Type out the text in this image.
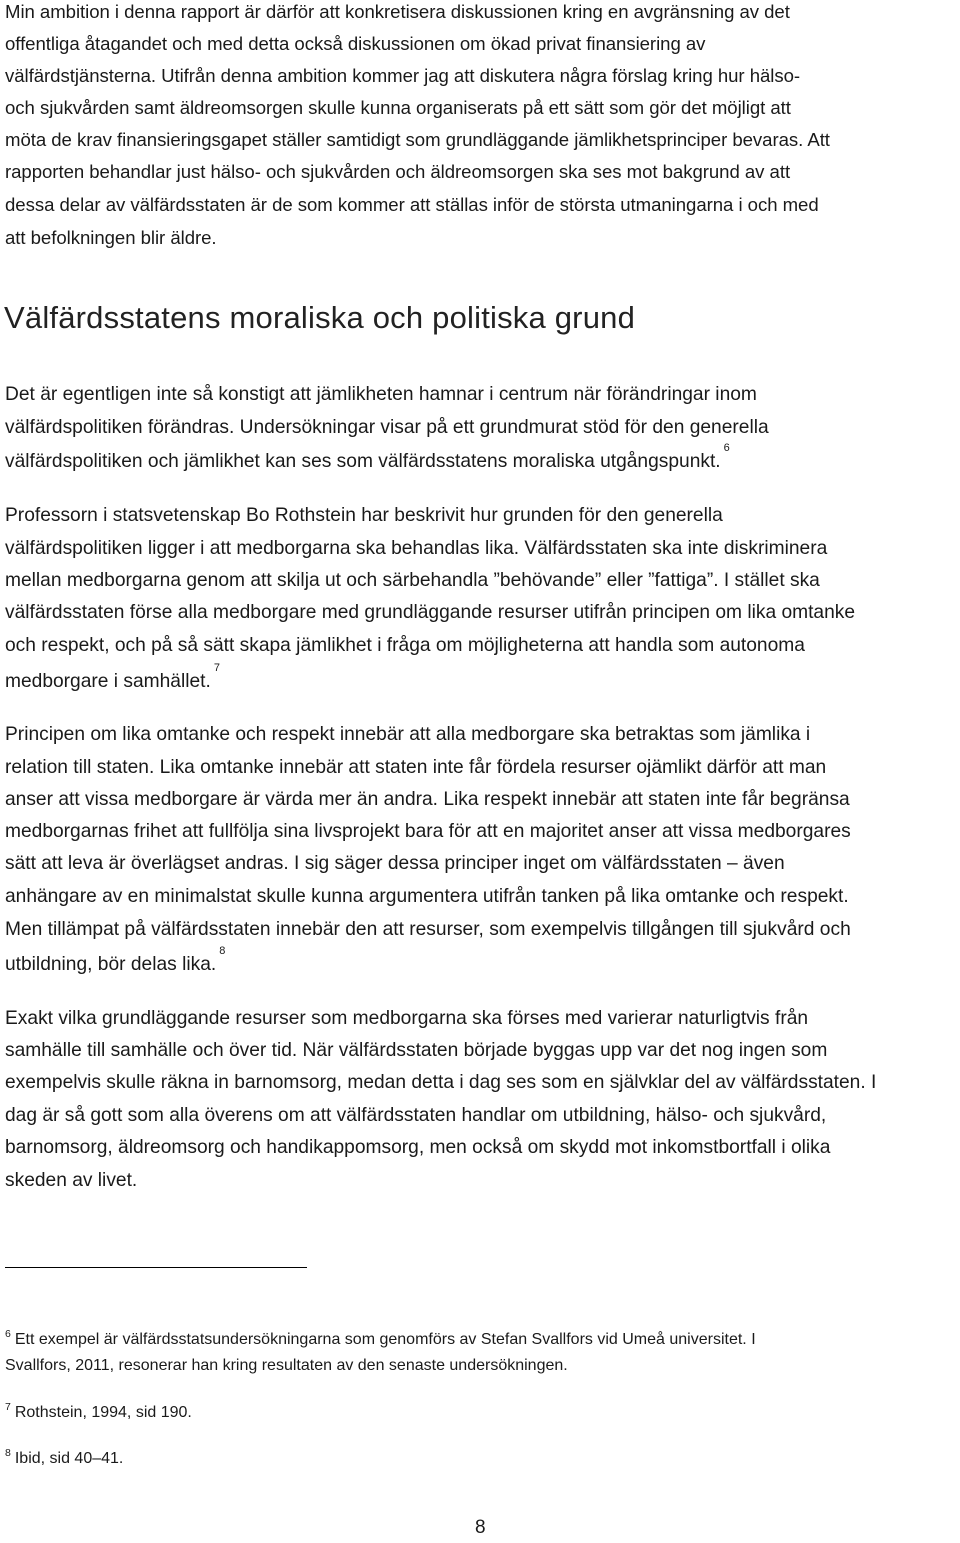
Min ambition i denna rapport är därför att konkretisera diskussionen kring en avgränsning av det
offentliga åtagandet och med detta också diskussionen om ökad privat finansiering av
välfärdstjänsterna. Utifrån denna ambition kommer jag att diskutera några förslag kring hur hälso-
och sjukvården samt äldreomsorgen skulle kunna organiserats på ett sätt som gör det möjligt att
möta de krav finansieringsgapet ställer samtidigt som grundläggande jämlikhetsprinciper bevaras. Att
rapporten behandlar just hälso- och sjukvården och äldreomsorgen ska ses mot bakgrund av att
dessa delar av välfärdsstaten är de som kommer att ställas inför de största utmaningarna i och med
att befolkningen blir äldre.
Välfärdsstatens moraliska och politiska grund
Det är egentligen inte så konstigt att jämlikheten hamnar i centrum när förändringar inom
välfärdspolitiken förändras. Undersökningar visar på ett grundmurat stöd för den generella
välfärdspolitiken och jämlikhet kan ses som välfärdsstatens moraliska utgångspunkt.$^6$
Professorn i statsvetenskap Bo Rothstein har beskrivit hur grunden för den generella
välfärdspolitiken ligger i att medborgarna ska behandlas lika. Välfärdsstaten ska inte diskriminera
mellan medborgarna genom att skilja ut och särbehandla ”behövande” eller ”fattiga”. I stället ska
välfärdsstaten förse alla medborgare med grundläggande resurser utifrån principen om lika omtanke
och respekt, och på så sätt skapa jämlikhet i fråga om möjligheterna att handla som autonoma
medborgare i samhället.$^7$
Principen om lika omtanke och respekt innebär att alla medborgare ska betraktas som jämlika i
relation till staten. Lika omtanke innebär att staten inte får fördela resurser ojämlikt därför att man
anser att vissa medborgare är värda mer än andra. Lika respekt innebär att staten inte får begränsa
medborgarnas frihet att fullfölja sina livsprojekt bara för att en majoritet anser att vissa medborgares
sätt att leva är överlägset andras. I sig säger dessa principer inget om välfärdsstaten – även
anhängare av en minimalstat skulle kunna argumentera utifrån tanken på lika omtanke och respekt.
Men tillämpat på välfärdsstaten innebär den att resurser, som exempelvis tillgången till sjukvård och
utbildning, bör delas lika.$^8$
Exakt vilka grundläggande resurser som medborgarna ska förses med varierar naturligtvis från
samhälle till samhälle och över tid. När välfärdsstaten började byggas upp var det nog ingen som
exempelvis skulle räkna in barnomsorg, medan detta i dag ses som en självklar del av välfärdsstaten. I
dag är så gott som alla överens om att välfärdsstaten handlar om utbildning, hälso- och sjukvård,
barnomsorg, äldreomsorg och handikappomsorg, men också om skydd mot inkomstbortfall i olika
skeden av livet.
$^6$ Ett exempel är välfärdsstatsundersökningarna som genomförs av Stefan Svallfors vid Umeå universitet. I
Svallfors, 2011, resonerar han kring resultaten av den senaste undersökningen.
$^7$ Rothstein, 1994, sid 190.
$^8$ Ibid, sid 40–41.
8
